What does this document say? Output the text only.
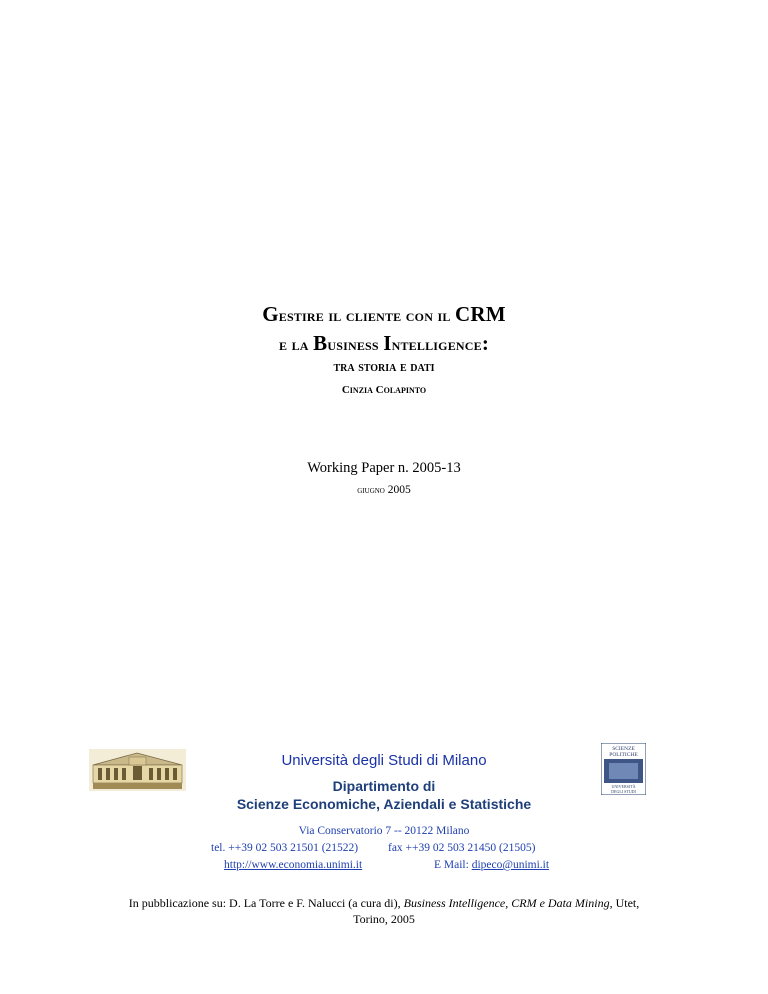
Gestire il cliente con il CRM
e la Business Intelligence:
tra storia e dati
Cinzia Colapinto
Working Paper n. 2005-13
giugno 2005
SCIENZE
POLITICHE
UNIVERSITÀ
DEGLI STUDI
Università degli Studi di Milano
Dipartimento di
Scienze Economiche, Aziendali e Statistiche
Via Conservatorio 7 -- 20122 Milano
tel. ++39 02 503 21501 (21522)	fax ++39 02 503 21450 (21505)
http://www.economia.unimi.it	E Mail: dipeco@unimi.it
In pubblicazione su: D. La Torre e F. Nalucci (a cura di), Business Intelligence, CRM e Data Mining, Utet,
Torino, 2005
